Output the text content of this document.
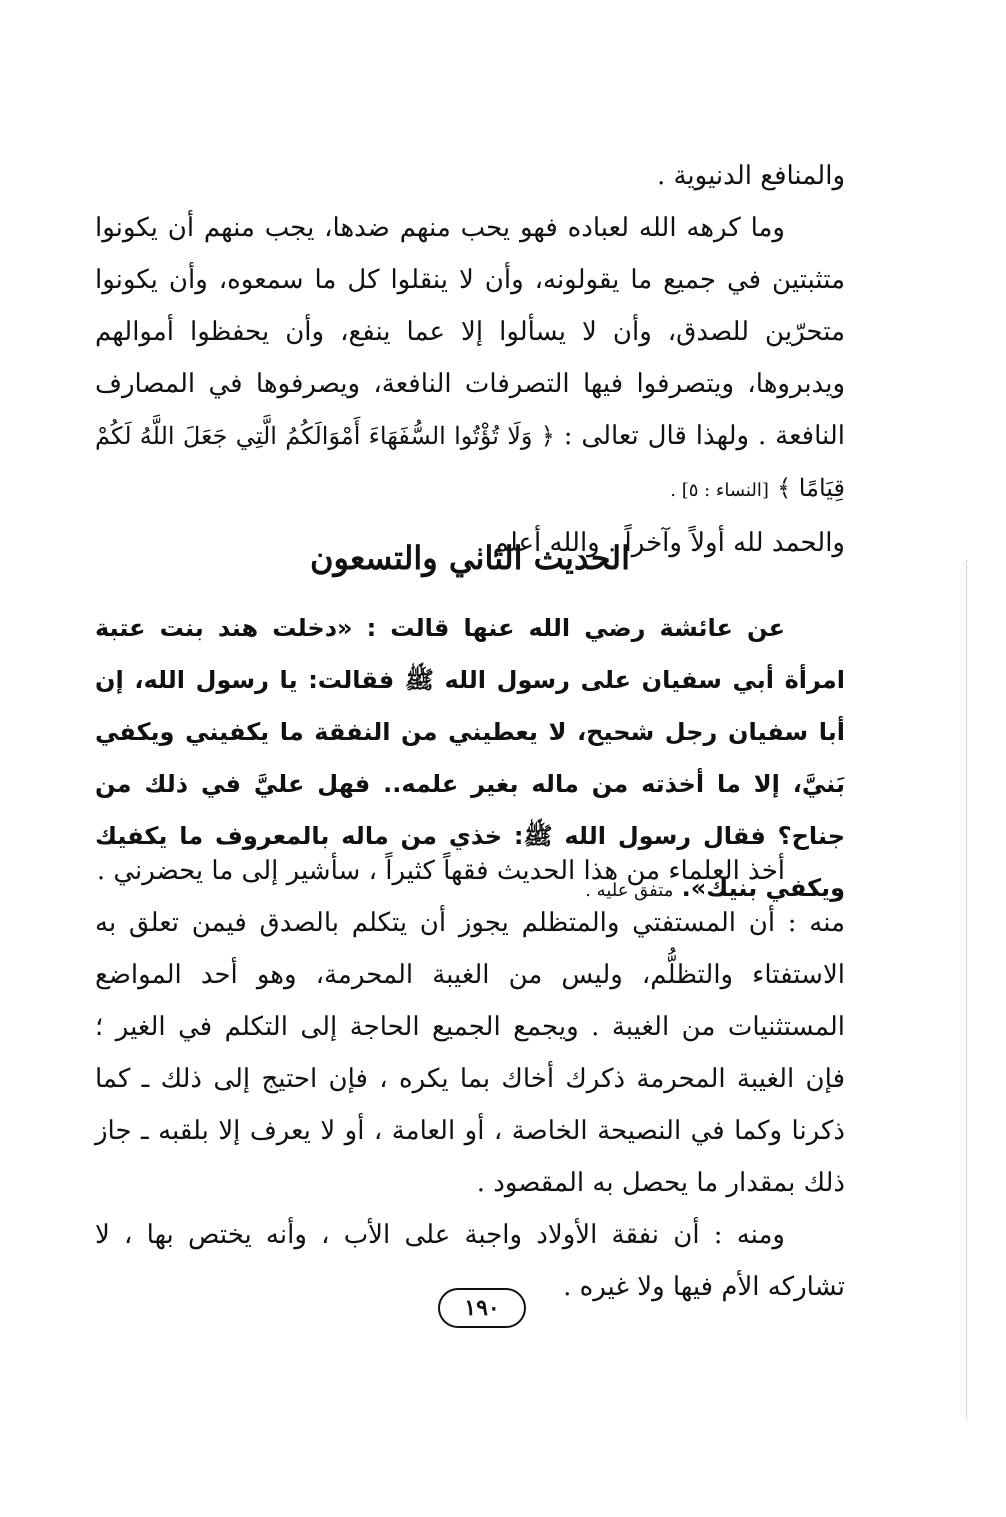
والمنافع الدنيوية .

وما كرهه الله لعباده فهو يحب منهم ضدها، يجب منهم أن يكونوا متثبتين في جميع ما يقولونه، وأن لا ينقلوا كل ما سمعوه، وأن يكونوا متحرّين للصدق، وأن لا يسألوا إلا عما ينفع، وأن يحفظوا أموالهم ويدبروها، ويتصرفوا فيها التصرفات النافعة، ويصرفوها في المصارف النافعة . ولهذا قال تعالى : ﴿ وَلَا تُؤْتُوا السُّفَهَاءَ أَمْوَالَكُمُ الَّتِي جَعَلَ اللَّهُ لَكُمْ قِيَامًا ﴾ [النساء : ٥] .

والحمد لله أولاً وآخراً . والله أعلم .

الحديث الثاني والتسعون

عن عائشة رضي الله عنها قالت : «دخلت هند بنت عتبة امرأة أبي سفيان على رسول الله ﷺ فقالت: يا رسول الله، إن أبا سفيان رجل شحيح، لا يعطيني من النفقة ما يكفيني ويكفي بَنيَّ، إلا ما أخذته من ماله بغير علمه.. فهل عليَّ في ذلك من جناح؟ فقال رسول الله ﷺ: خذي من ماله بالمعروف ما يكفيك ويكفي بنيك». متفق عليه .

أخذ العلماء من هذا الحديث فقهاً كثيراً ، سأشير إلى ما يحضرني .

منه : أن المستفتي والمتظلم يجوز أن يتكلم بالصدق فيمن تعلق به الاستفتاء والتظلُّم، وليس من الغيبة المحرمة، وهو أحد المواضع المستثنيات من الغيبة . ويجمع الجميع الحاجة إلى التكلم في الغير ؛ فإن الغيبة المحرمة ذكرك أخاك بما يكره ، فإن احتيج إلى ذلك ـ كما ذكرنا وكما في النصيحة الخاصة ، أو العامة ، أو لا يعرف إلا بلقبه ـ جاز ذلك بمقدار ما يحصل به المقصود .

ومنه : أن نفقة الأولاد واجبة على الأب ، وأنه يختص بها ، لا تشاركه الأم فيها ولا غيره .

١٩٠
